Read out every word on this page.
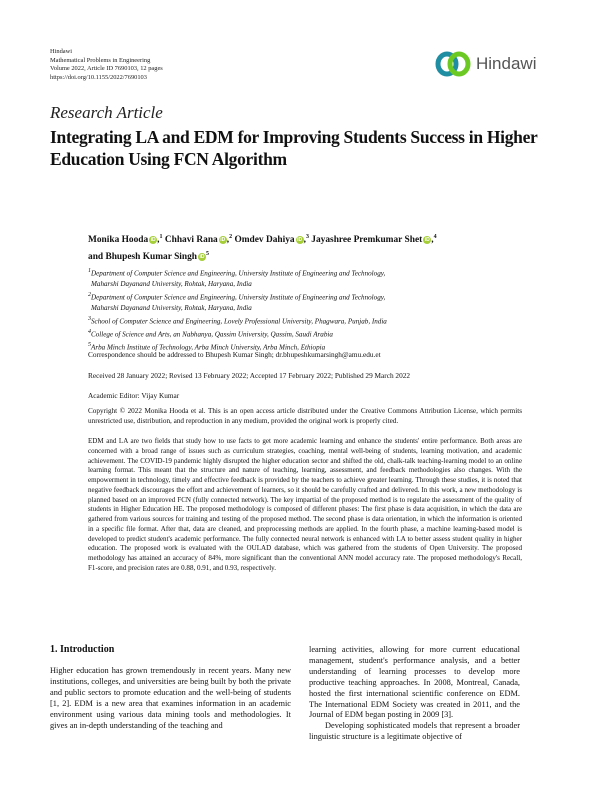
Hindawi
Mathematical Problems in Engineering
Volume 2022, Article ID 7690103, 12 pages
https://doi.org/10.1155/2022/7690103
Hindawi
Research Article
Integrating LA and EDM for Improving Students Success in Higher Education Using FCN Algorithm
Monika Hooda iD ,$^1$ Chhavi Rana iD ,$^2$ Omdev Dahiya iD ,$^3$ Jayashree Premkumar Shet iD ,$^4$
and Bhupesh Kumar Singh iD $^5$
$^1$Department of Computer Science and Engineering, University Institute of Engineering and Technology,
Maharshi Dayanand University, Rohtak, Haryana, India
$^2$Department of Computer Science and Engineering, University Institute of Engineering and Technology,
Maharshi Dayanand University, Rohtak, Haryana, India
$^3$School of Computer Science and Engineering, Lovely Professional University, Phagwara, Punjab, India
$^4$College of Science and Arts, an Nabhanya, Qassim University, Qassim, Saudi Arabia
$^5$Arba Minch Institute of Technology, Arba Minch University, Arba Minch, Ethiopia
Correspondence should be addressed to Bhupesh Kumar Singh; dr.bhupeshkumarsingh@amu.edu.et
Received 28 January 2022; Revised 13 February 2022; Accepted 17 February 2022; Published 29 March 2022
Academic Editor: Vijay Kumar
Copyright © 2022 Monika Hooda et al. This is an open access article distributed under the Creative Commons Attribution License, which permits unrestricted use, distribution, and reproduction in any medium, provided the original work is properly cited.
EDM and LA are two fields that study how to use facts to get more academic learning and enhance the students' entire performance. Both areas are concerned with a broad range of issues such as curriculum strategies, coaching, mental well-being of students, learning motivation, and academic achievement. The COVID-19 pandemic highly disrupted the higher education sector and shifted the old, chalk-talk teaching-learning model to an online learning format. This meant that the structure and nature of teaching, learning, assessment, and feedback methodologies also changes. With the empowerment in technology, timely and effective feedback is provided by the teachers to achieve greater learning. Through these studies, it is noted that negative feedback discourages the effort and achievement of learners, so it should be carefully crafted and delivered. In this work, a new methodology is planned based on an improved FCN (fully connected network). The key impartial of the proposed method is to regulate the assessment of the quality of students in Higher Education HE. The proposed methodology is composed of different phases: The first phase is data acquisition, in which the data are gathered from various sources for training and testing of the proposed method. The second phase is data orientation, in which the information is oriented in a specific file format. After that, data are cleaned, and preprocessing methods are applied. In the fourth phase, a machine learning-based model is developed to predict student's academic performance. The fully connected neural network is enhanced with LA to better assess student quality in higher education. The proposed work is evaluated with the OULAD database, which was gathered from the students of Open University. The proposed methodology has attained an accuracy of 84%, more significant than the conventional ANN model accuracy rate. The proposed methodology's Recall, F1-score, and precision rates are 0.88, 0.91, and 0.93, respectively.
1. Introduction
Higher education has grown tremendously in recent years. Many new institutions, colleges, and universities are being built by both the private and public sectors to promote education and the well-being of students [1, 2]. EDM is a new area that examines information in an academic environment using various data mining tools and methodologies. It gives an in-depth understanding of the teaching and
learning activities, allowing for more current educational management, student's performance analysis, and a better understanding of learning processes to develop more productive teaching approaches. In 2008, Montreal, Canada, hosted the first international scientific conference on EDM. The International EDM Society was created in 2011, and the Journal of EDM began posting in 2009 [3].
Developing sophisticated models that represent a broader linguistic structure is a legitimate objective of
